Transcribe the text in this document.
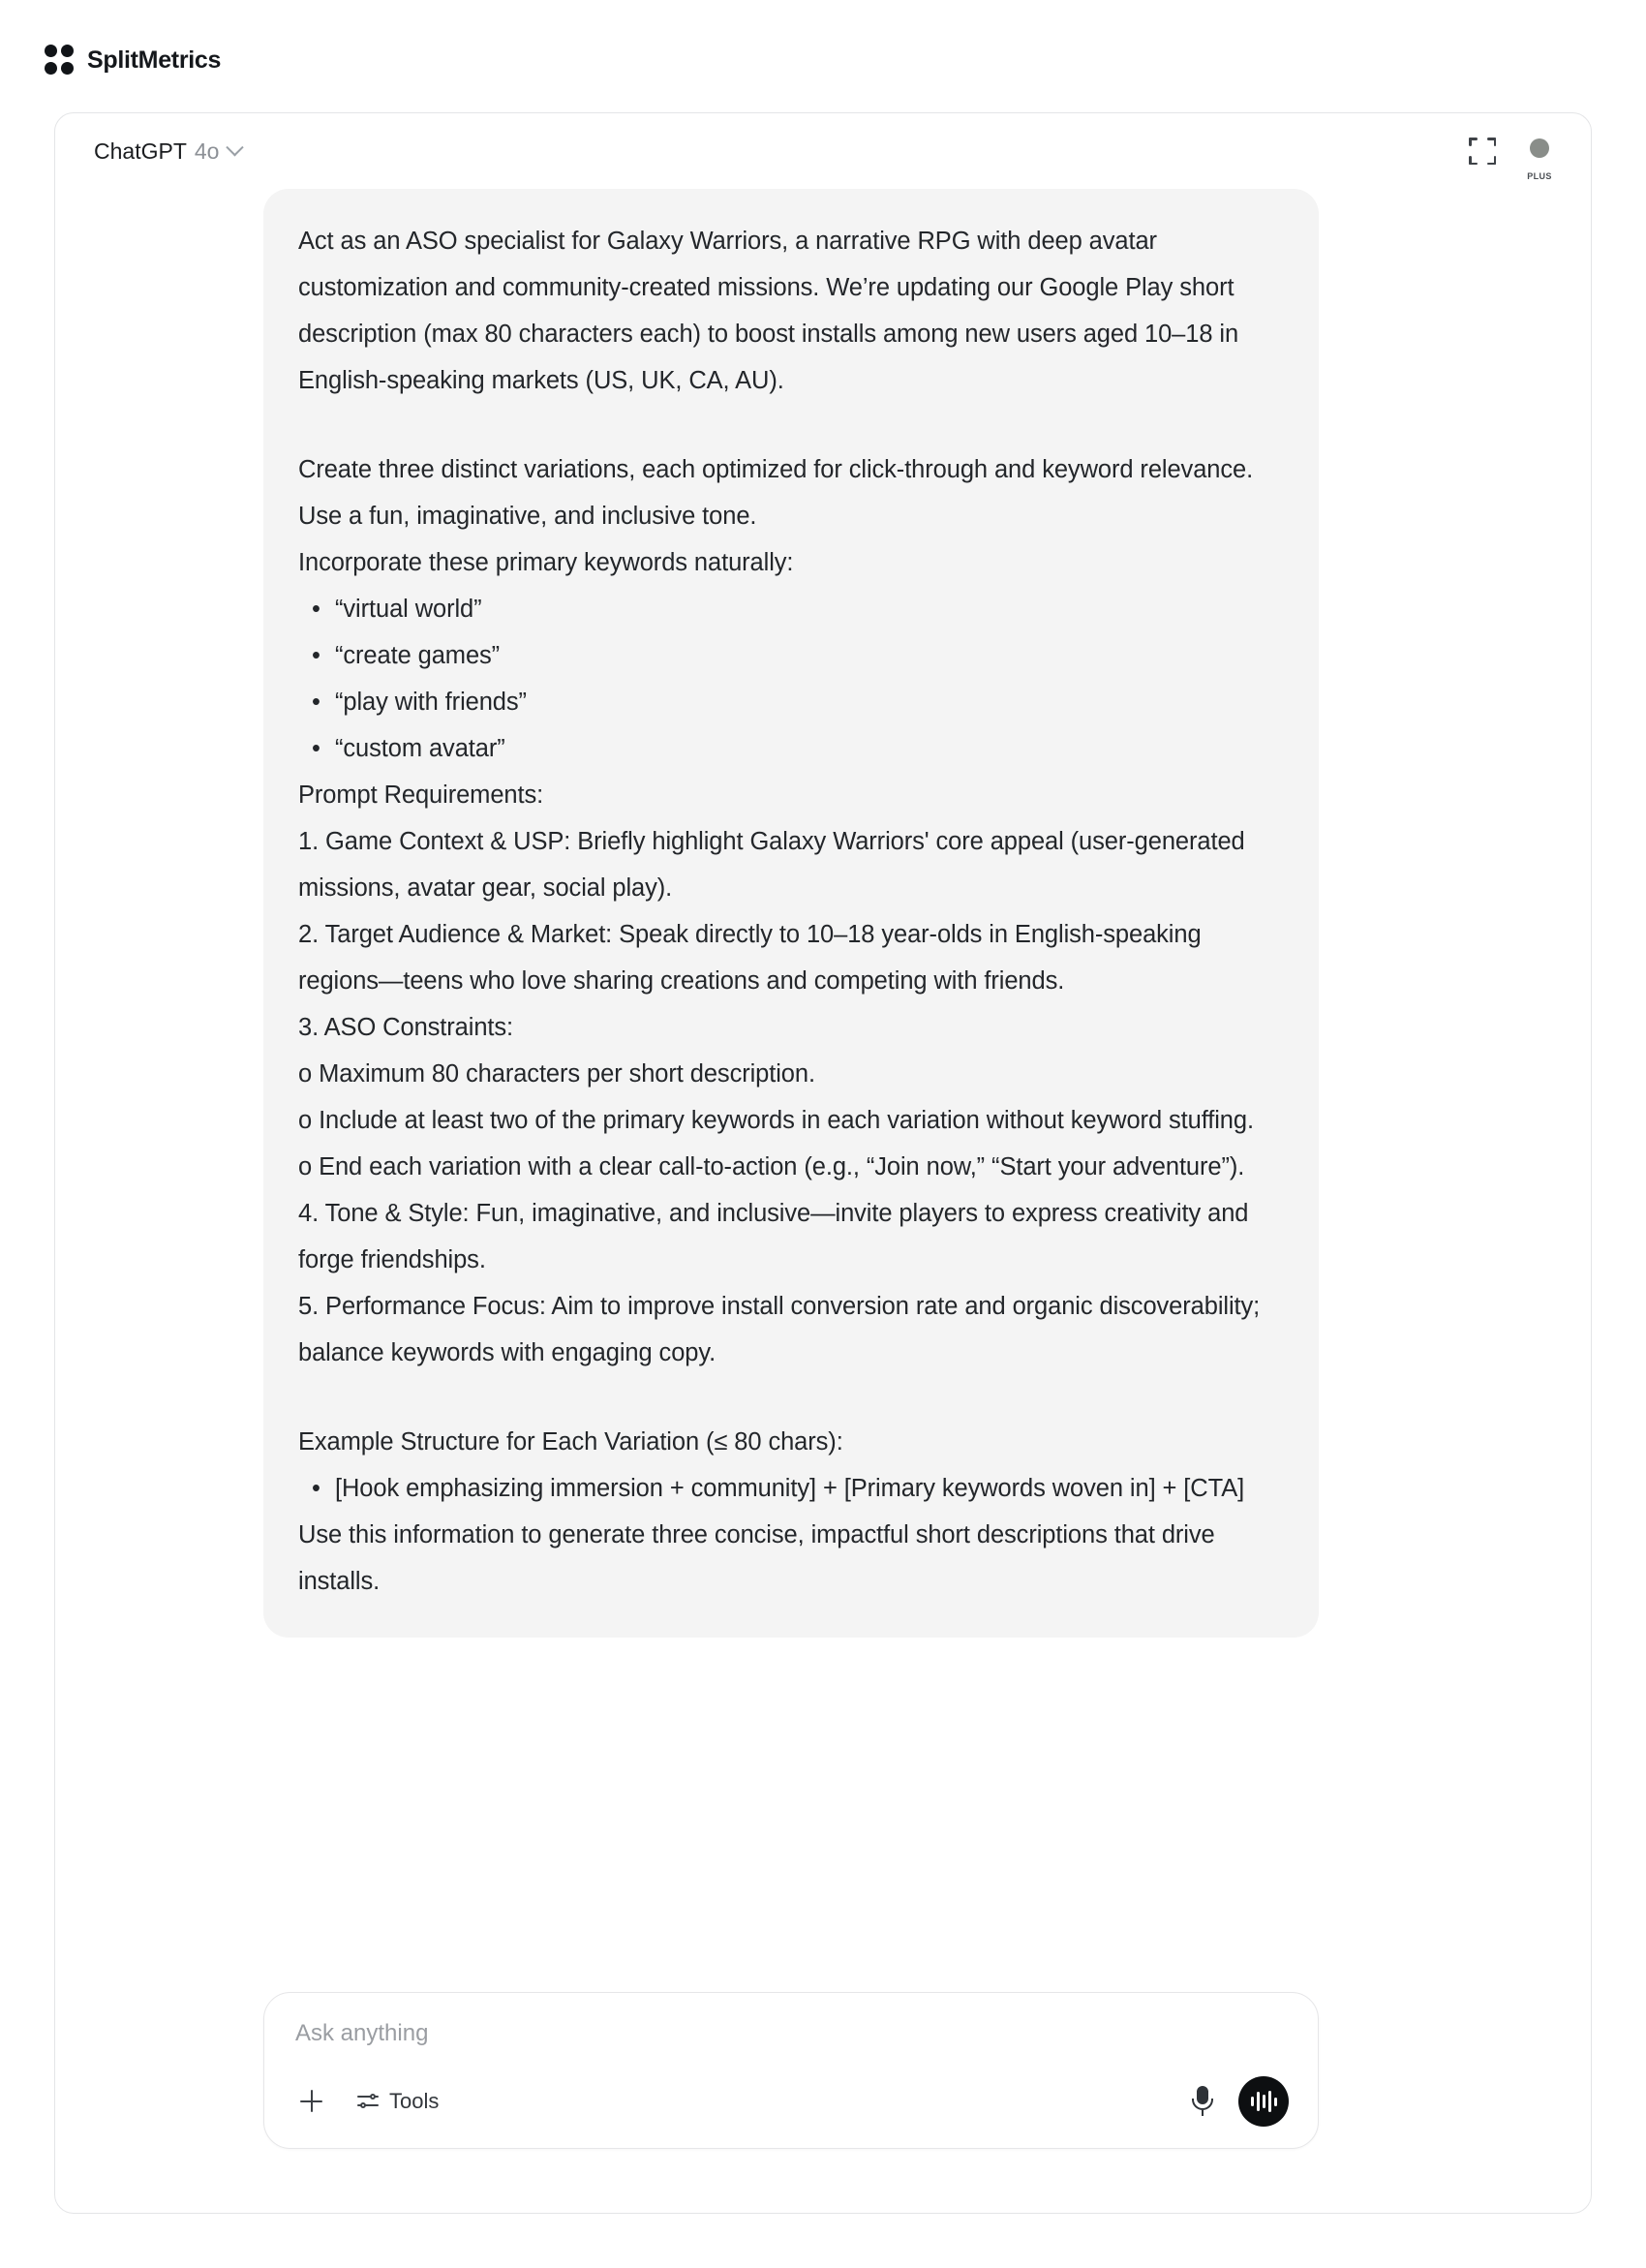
SplitMetrics
ChatGPT 4o
PLUS

Act as an ASO specialist for Galaxy Warriors, a narrative RPG with deep avatar customization and community-created missions. We’re updating our Google Play short description (max 80 characters each) to boost installs among new users aged 10–18 in English-speaking markets (US, UK, CA, AU).

Create three distinct variations, each optimized for click-through and keyword relevance. Use a fun, imaginative, and inclusive tone.
Incorporate these primary keywords naturally:

• “virtual world”
• “create games”
• “play with friends”
• “custom avatar”

Prompt Requirements:

1. Game Context & USP: Briefly highlight Galaxy Warriors' core appeal (user-generated missions, avatar gear, social play).

2. Target Audience & Market: Speak directly to 10–18 year-olds in English-speaking regions—teens who love sharing creations and competing with friends.

3. ASO Constraints:

o Maximum 80 characters per short description.

o Include at least two of the primary keywords in each variation without keyword stuffing.

o End each variation with a clear call-to-action (e.g., “Join now,” “Start your adventure”).

4. Tone & Style: Fun, imaginative, and inclusive—invite players to express creativity and forge friendships.

5. Performance Focus: Aim to improve install conversion rate and organic discoverability; balance keywords with engaging copy.

Example Structure for Each Variation (≤ 80 chars):

• [Hook emphasizing immersion + community] + [Primary keywords woven in] + [CTA]

Use this information to generate three concise, impactful short descriptions that drive installs.

Ask anything
Tools
